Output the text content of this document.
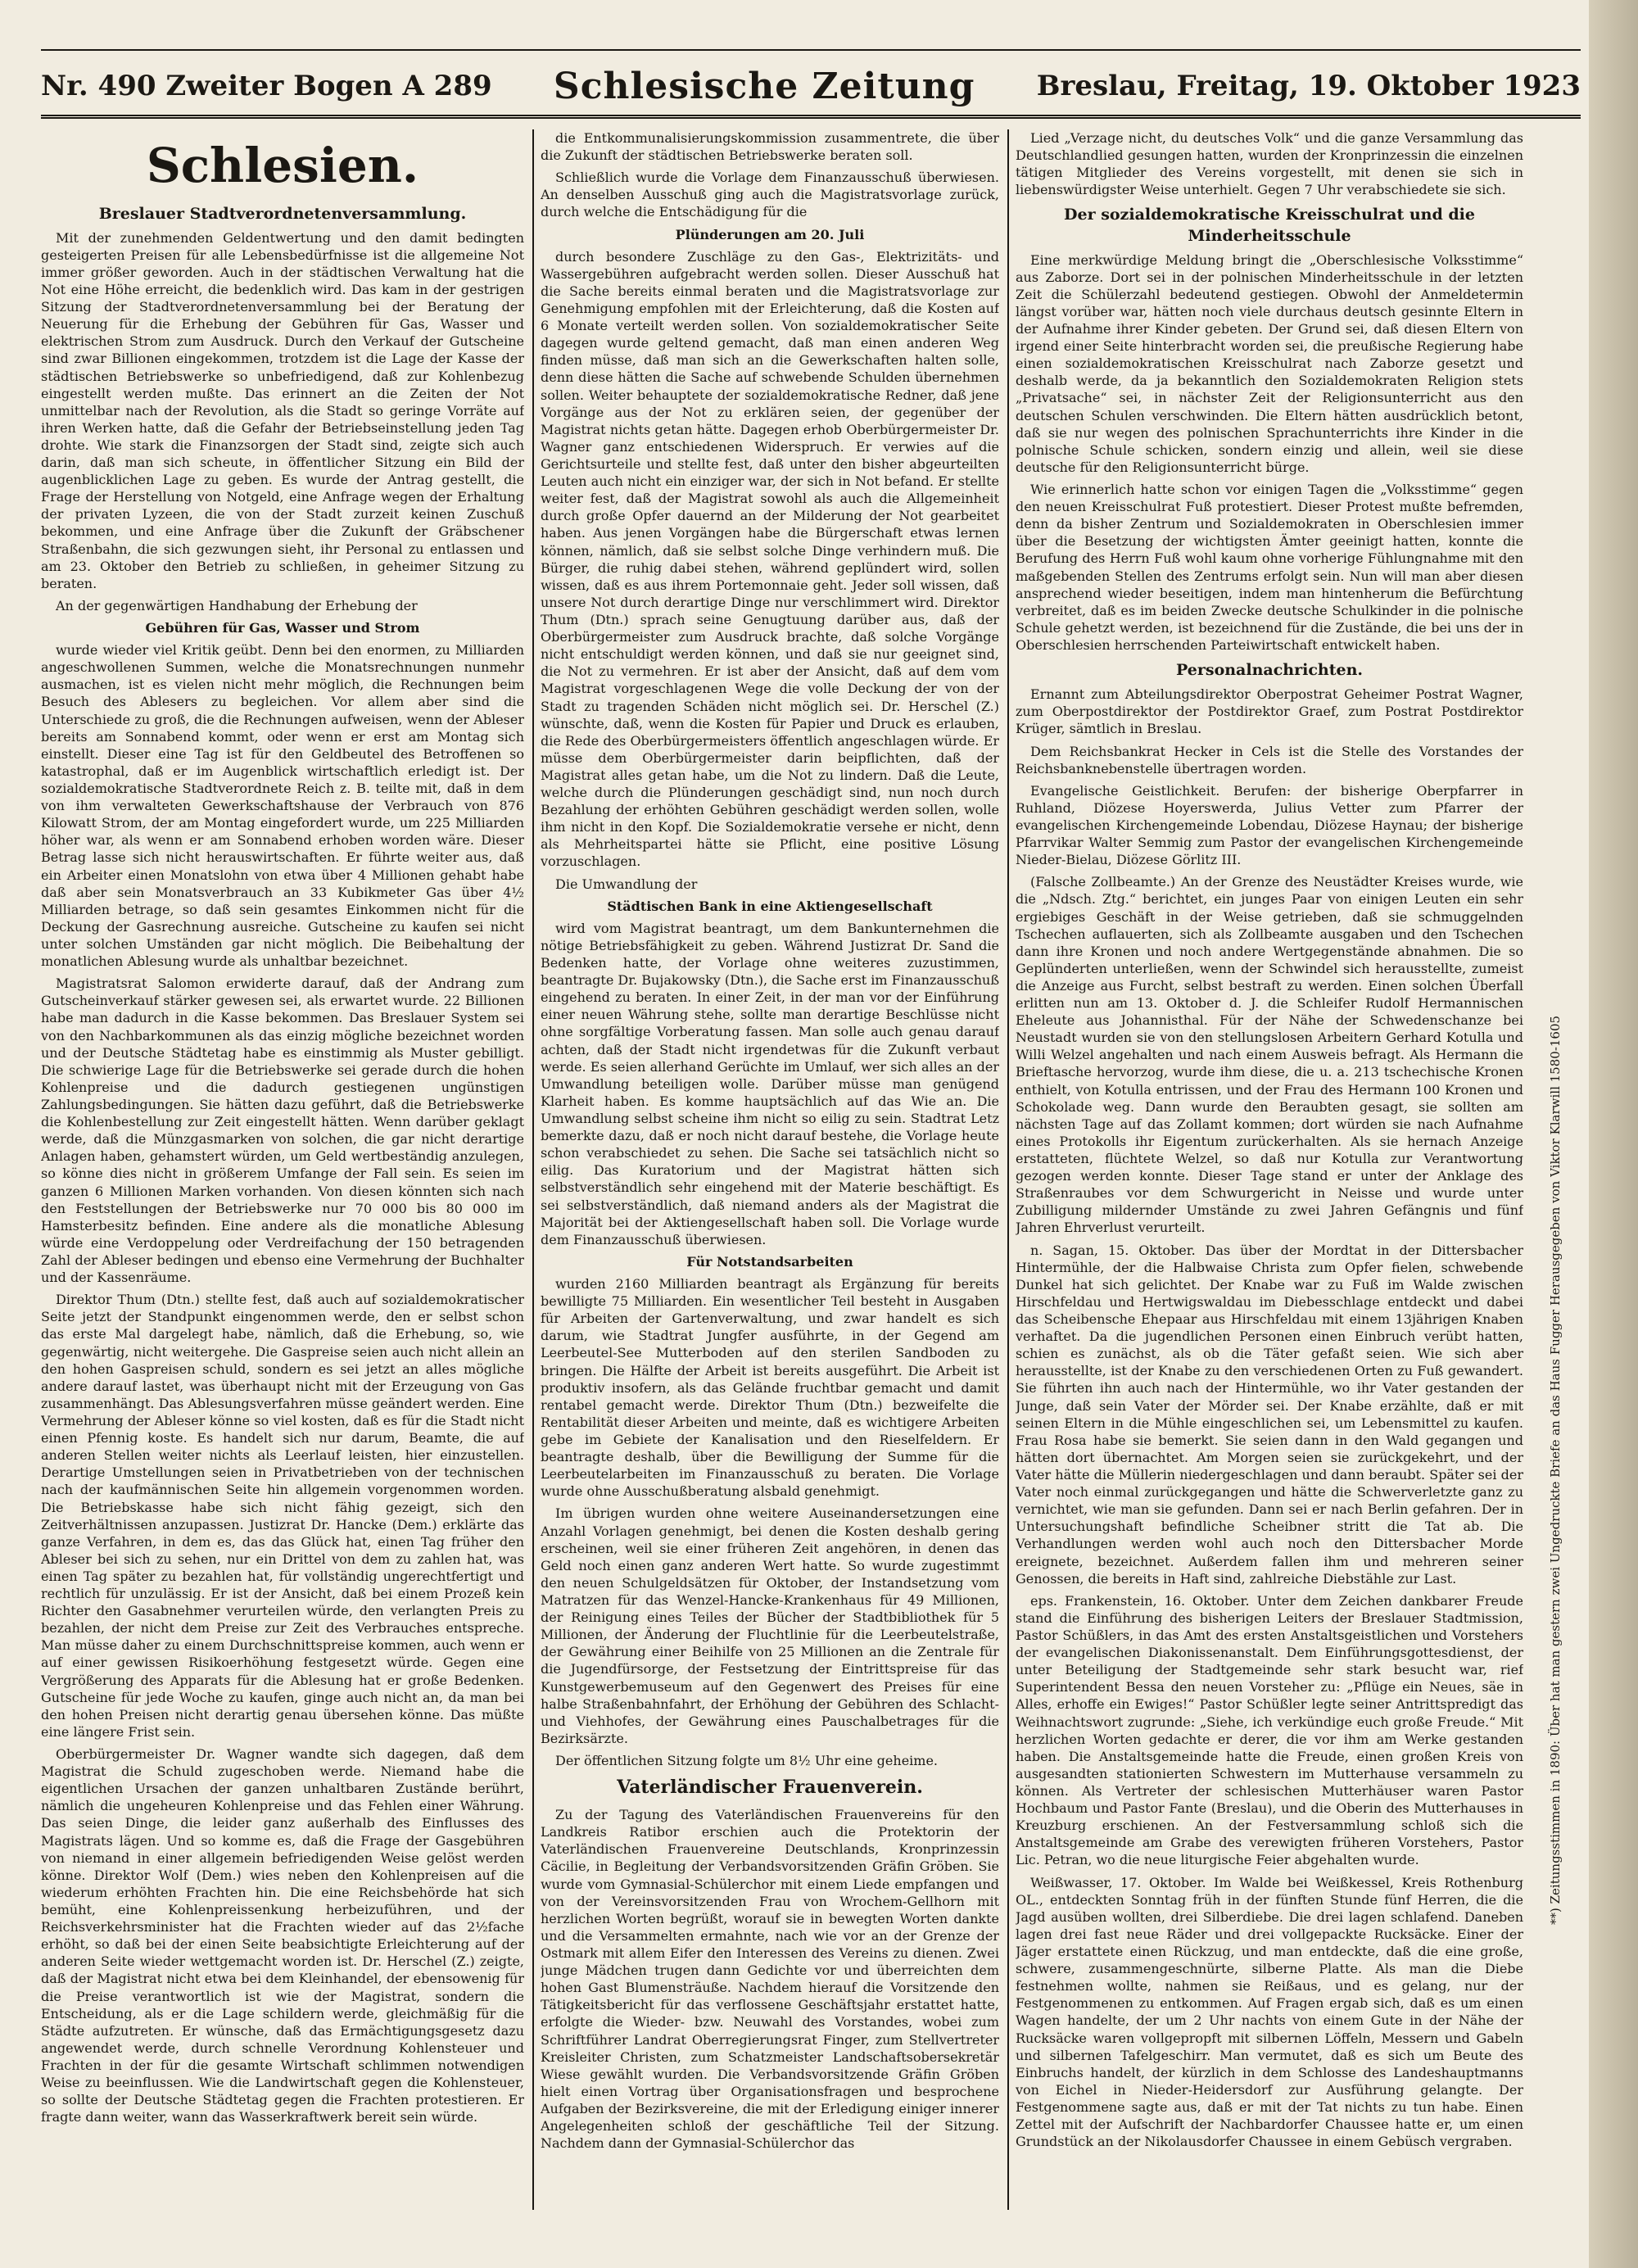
Nr. 490 Zweiter Bogen A 289 Schlesische Zeitung Breslau, Freitag, 19. Oktober 1923
Schlesien.
Breslauer Stadtverordnetenversammlung.

Mit der zunehmenden Geldentwertung und den damit bedingten gesteigerten Preisen für alle Lebensbedürfnisse ist die allgemeine Not immer größer geworden. Auch in der städtischen Verwaltung hat die Not eine Höhe erreicht, die bedenklich wird. Das kam in der gestrigen Sitzung der Stadtverordnetenversammlung bei der Beratung der Neuerung für die Erhebung der Gebühren für Gas, Wasser und elektrischen Strom zum Ausdruck. Durch den Verkauf der Gutscheine sind zwar Billionen eingekommen, trotzdem ist die Lage der Kasse der städtischen Betriebswerke so unbefriedigend, daß zur Kohlenbezug eingestellt werden mußte. Das erinnert an die Zeiten der Not unmittelbar nach der Revolution, als die Stadt so geringe Vorräte auf ihren Werken hatte, daß die Gefahr der Betriebseinstellung jeden Tag drohte. Wie stark die Finanzsorgen der Stadt sind, zeigte sich auch darin, daß man sich scheute, in öffentlicher Sitzung ein Bild der augenblicklichen Lage zu geben. Es wurde der Antrag gestellt, die Frage der Herstellung von Notgeld, eine Anfrage wegen der Erhaltung der privaten Lyzeen, die von der Stadt zurzeit keinen Zuschuß bekommen, und eine Anfrage über die Zukunft der Gräbschener Straßenbahn, die sich gezwungen sieht, ihr Personal zu entlassen und am 23. Oktober den Betrieb zu schließen, in geheimer Sitzung zu beraten.

An der gegenwärtigen Handhabung der Erhebung der

Gebühren für Gas, Wasser und Strom

wurde wieder viel Kritik geübt. Denn bei den enormen, zu Milliarden angeschwollenen Summen, welche die Monatsrechnungen nunmehr ausmachen, ist es vielen nicht mehr möglich, die Rechnungen beim Besuch des Ablesers zu begleichen. Vor allem aber sind die Unterschiede zu groß, die die Rechnungen aufweisen, wenn der Ableser bereits am Sonnabend kommt, oder wenn er erst am Montag sich einstellt. Dieser eine Tag ist für den Geldbeutel des Betroffenen so katastrophal, daß er im Augenblick wirtschaftlich erledigt ist. Der sozialdemokratische Stadtverordnete Reich z. B. teilte mit, daß in dem von ihm verwalteten Gewerkschaftshause der Verbrauch von 876 Kilowatt Strom, der am Montag eingefordert wurde, um 225 Milliarden höher war, als wenn er am Sonnabend erhoben worden wäre. Dieser Betrag lasse sich nicht herauswirtschaften. Er führte weiter aus, daß ein Arbeiter einen Monatslohn von etwa über 4 Millionen gehabt habe daß aber sein Monatsverbrauch an 33 Kubikmeter Gas über 4½ Milliarden betrage, so daß sein gesamtes Einkommen nicht für die Deckung der Gasrechnung ausreiche. Gutscheine zu kaufen sei nicht unter solchen Umständen gar nicht möglich. Die Beibehaltung der monatlichen Ablesung wurde als unhaltbar bezeichnet.

Magistratsrat Salomon erwiderte darauf, daß der Andrang zum Gutscheinverkauf stärker gewesen sei, als erwartet wurde. 22 Billionen habe man dadurch in die Kasse bekommen. Das Breslauer System sei von den Nachbarkommunen als das einzig mögliche bezeichnet worden und der Deutsche Städtetag habe es einstimmig als Muster gebilligt. Die schwierige Lage für die Betriebswerke sei gerade durch die hohen Kohlenpreise und die dadurch gestiegenen ungünstigen Zahlungsbedingungen. Sie hätten dazu geführt, daß die Betriebswerke die Kohlenbestellung zur Zeit eingestellt hätten. Wenn darüber geklagt werde, daß die Münzgasmarken von solchen, die gar nicht derartige Anlagen haben, gehamstert würden, um Geld wertbeständig anzulegen, so könne dies nicht in größerem Umfange der Fall sein. Es seien im ganzen 6 Millionen Marken vorhanden. Von diesen könnten sich nach den Feststellungen der Betriebswerke nur 70 000 bis 80 000 im Hamsterbesitz befinden. Eine andere als die monatliche Ablesung würde eine Verdoppelung oder Verdreifachung der 150 betragenden Zahl der Ableser bedingen und ebenso eine Vermehrung der Buchhalter und der Kassenräume.

Direktor Thum (Dtn.) stellte fest, daß auch auf sozialdemokratischer Seite jetzt der Standpunkt eingenommen werde, den er selbst schon das erste Mal dargelegt habe, nämlich, daß die Erhebung, so, wie gegenwärtig, nicht weitergehe. Die Gaspreise seien auch nicht allein an den hohen Gaspreisen schuld, sondern es sei jetzt an alles mögliche andere darauf lastet, was überhaupt nicht mit der Erzeugung von Gas zusammenhängt. Das Ablesungsverfahren müsse geändert werden. Eine Vermehrung der Ableser könne so viel kosten, daß es für die Stadt nicht einen Pfennig koste. Es handelt sich nur darum, Beamte, die auf anderen Stellen weiter nichts als Leerlauf leisten, hier einzustellen. Derartige Umstellungen seien in Privatbetrieben von der technischen nach der kaufmännischen Seite hin allgemein vorgenommen worden. Die Betriebskasse habe sich nicht fähig gezeigt, sich den Zeitverhältnissen anzupassen. Justizrat Dr. Hancke (Dem.) erklärte das ganze Verfahren, in dem es, das das Glück hat, einen Tag früher den Ableser bei sich zu sehen, nur ein Drittel von dem zu zahlen hat, was einen Tag später zu bezahlen hat, für vollständig ungerechtfertigt und rechtlich für unzulässig. Er ist der Ansicht, daß bei einem Prozeß kein Richter den Gasabnehmer verurteilen würde, den verlangten Preis zu bezahlen, der nicht dem Preise zur Zeit des Verbrauches entspreche. Man müsse daher zu einem Durchschnittspreise kommen, auch wenn er auf einer gewissen Risikoerhöhung festgesetzt würde. Gegen eine Vergrößerung des Apparats für die Ablesung hat er große Bedenken. Gutscheine für jede Woche zu kaufen, ginge auch nicht an, da man bei den hohen Preisen nicht derartig genau übersehen könne. Das müßte eine längere Frist sein.

Oberbürgermeister Dr. Wagner wandte sich dagegen, daß dem Magistrat die Schuld zugeschoben werde. Niemand habe die eigentlichen Ursachen der ganzen unhaltbaren Zustände berührt, nämlich die ungeheuren Kohlenpreise und das Fehlen einer Währung. Das seien Dinge, die leider ganz außerhalb des Einflusses des Magistrats lägen. Und so komme es, daß die Frage der Gasgebühren von niemand in einer allgemein befriedigenden Weise gelöst werden könne. Direktor Wolf (Dem.) wies neben den Kohlenpreisen auf die wiederum erhöhten Frachten hin. Die eine Reichsbehörde hat sich bemüht, eine Kohlenpreissenkung herbeizuführen, und der Reichsverkehrsminister hat die Frachten wieder auf das 2½fache erhöht, so daß bei der einen Seite beabsichtigte Erleichterung auf der anderen Seite wieder wettgemacht worden ist. Dr. Herschel (Z.) zeigte, daß der Magistrat nicht etwa bei dem Kleinhandel, der ebensowenig für die Preise verantwortlich ist wie der Magistrat, sondern die Entscheidung, als er die Lage schildern werde, gleichmäßig für die Städte aufzutreten. Er wünsche, daß das Ermächtigungsgesetz dazu angewendet werde, durch schnelle Verordnung Kohlensteuer und Frachten in der für die gesamte Wirtschaft schlimmen notwendigen Weise zu beeinflussen. Wie die Landwirtschaft gegen die Kohlensteuer, so sollte der Deutsche Städtetag gegen die Frachten protestieren. Er fragte dann weiter, wann das Wasserkraftwerk bereit sein würde.

die Entkommunalisierungskommission zusammentrete, die über die Zukunft der städtischen Betriebswerke beraten soll.

Schließlich wurde die Vorlage dem Finanzausschuß überwiesen. An denselben Ausschuß ging auch die Magistratsvorlage zurück, durch welche die Entschädigung für die

Plünderungen am 20. Juli

durch besondere Zuschläge zu den Gas-, Elektrizitäts- und Wassergebühren aufgebracht werden sollen. Dieser Ausschuß hat die Sache bereits einmal beraten und die Magistratsvorlage zur Genehmigung empfohlen mit der Erleichterung, daß die Kosten auf 6 Monate verteilt werden sollen. Von sozialdemokratischer Seite dagegen wurde geltend gemacht, daß man einen anderen Weg finden müsse, daß man sich an die Gewerkschaften halten solle, denn diese hätten die Sache auf schwebende Schulden übernehmen sollen. Weiter behauptete der sozialdemokratische Redner, daß jene Vorgänge aus der Not zu erklären seien, der gegenüber der Magistrat nichts getan hätte. Dagegen erhob Oberbürgermeister Dr. Wagner ganz entschiedenen Widerspruch. Er verwies auf die Gerichtsurteile und stellte fest, daß unter den bisher abgeurteilten Leuten auch nicht ein einziger war, der sich in Not befand. Er stellte weiter fest, daß der Magistrat sowohl als auch die Allgemeinheit durch große Opfer dauernd an der Milderung der Not gearbeitet haben. Aus jenen Vorgängen habe die Bürgerschaft etwas lernen können, nämlich, daß sie selbst solche Dinge verhindern muß. Die Bürger, die ruhig dabei stehen, während geplündert wird, sollen wissen, daß es aus ihrem Portemonnaie geht. Jeder soll wissen, daß unsere Not durch derartige Dinge nur verschlimmert wird. Direktor Thum (Dtn.) sprach seine Genugtuung darüber aus, daß der Oberbürgermeister zum Ausdruck brachte, daß solche Vorgänge nicht entschuldigt werden können, und daß sie nur geeignet sind, die Not zu vermehren. Er ist aber der Ansicht, daß auf dem vom Magistrat vorgeschlagenen Wege die volle Deckung der von der Stadt zu tragenden Schäden nicht möglich sei. Dr. Herschel (Z.) wünschte, daß, wenn die Kosten für Papier und Druck es erlauben, die Rede des Oberbürgermeisters öffentlich angeschlagen würde. Er müsse dem Oberbürgermeister darin beipflichten, daß der Magistrat alles getan habe, um die Not zu lindern. Daß die Leute, welche durch die Plünderungen geschädigt sind, nun noch durch Bezahlung der erhöhten Gebühren geschädigt werden sollen, wolle ihm nicht in den Kopf. Die Sozialdemokratie versehe er nicht, denn als Mehrheitspartei hätte sie Pflicht, eine positive Lösung vorzuschlagen.

Die Umwandlung der

Städtischen Bank in eine Aktiengesellschaft

wird vom Magistrat beantragt, um dem Bankunternehmen die nötige Betriebsfähigkeit zu geben. Während Justizrat Dr. Sand die Bedenken hatte, der Vorlage ohne weiteres zuzustimmen, beantragte Dr. Bujakowsky (Dtn.), die Sache erst im Finanzausschuß eingehend zu beraten. In einer Zeit, in der man vor der Einführung einer neuen Währung stehe, sollte man derartige Beschlüsse nicht ohne sorgfältige Vorberatung fassen. Man solle auch genau darauf achten, daß der Stadt nicht irgendetwas für die Zukunft verbaut werde. Es seien allerhand Gerüchte im Umlauf, wer sich alles an der Umwandlung beteiligen wolle. Darüber müsse man genügend Klarheit haben. Es komme hauptsächlich auf das Wie an. Die Umwandlung selbst scheine ihm nicht so eilig zu sein. Stadtrat Letz bemerkte dazu, daß er noch nicht darauf bestehe, die Vorlage heute schon verabschiedet zu sehen. Die Sache sei tatsächlich nicht so eilig. Das Kuratorium und der Magistrat hätten sich selbstverständlich sehr eingehend mit der Materie beschäftigt. Es sei selbstverständlich, daß niemand anders als der Magistrat die Majorität bei der Aktiengesellschaft haben soll. Die Vorlage wurde dem Finanzausschuß überwiesen.

Für Notstandsarbeiten

wurden 2160 Milliarden beantragt als Ergänzung für bereits bewilligte 75 Milliarden. Ein wesentlicher Teil besteht in Ausgaben für Arbeiten der Gartenverwaltung, und zwar handelt es sich darum, wie Stadtrat Jungfer ausführte, in der Gegend am Leerbeutel-See Mutterboden auf den sterilen Sandboden zu bringen. Die Hälfte der Arbeit ist bereits ausgeführt. Die Arbeit ist produktiv insofern, als das Gelände fruchtbar gemacht und damit rentabel gemacht werde. Direktor Thum (Dtn.) bezweifelte die Rentabilität dieser Arbeiten und meinte, daß es wichtigere Arbeiten gebe im Gebiete der Kanalisation und den Rieselfeldern. Er beantragte deshalb, über die Bewilligung der Summe für die Leerbeutelarbeiten im Finanzausschuß zu beraten. Die Vorlage wurde ohne Ausschußberatung alsbald genehmigt.

Im übrigen wurden ohne weitere Auseinandersetzungen eine Anzahl Vorlagen genehmigt, bei denen die Kosten deshalb gering erscheinen, weil sie einer früheren Zeit angehören, in denen das Geld noch einen ganz anderen Wert hatte. So wurde zugestimmt den neuen Schulgeldsätzen für Oktober, der Instandsetzung vom Matratzen für das Wenzel-Hancke-Krankenhaus für 49 Millionen, der Reinigung eines Teiles der Bücher der Stadtbibliothek für 5 Millionen, der Änderung der Fluchtlinie für die Leerbeutelstraße, der Gewährung einer Beihilfe von 25 Millionen an die Zentrale für die Jugendfürsorge, der Festsetzung der Eintrittspreise für das Kunstgewerbemuseum auf den Gegenwert des Preises für eine halbe Straßenbahnfahrt, der Erhöhung der Gebühren des Schlacht- und Viehhofes, der Gewährung eines Pauschalbetrages für die Bezirksärzte.

Der öffentlichen Sitzung folgte um 8½ Uhr eine geheime.

Vaterländischer Frauenverein.

Zu der Tagung des Vaterländischen Frauenvereins für den Landkreis Ratibor erschien auch die Protektorin der Vaterländischen Frauenvereine Deutschlands, Kronprinzessin Cäcilie, in Begleitung der Verbandsvorsitzenden Gräfin Gröben. Sie wurde vom Gymnasial-Schülerchor mit einem Liede empfangen und von der Vereinsvorsitzenden Frau von Wrochem-Gellhorn mit herzlichen Worten begrüßt, worauf sie in bewegten Worten dankte und die Versammelten ermahnte, nach wie vor an der Grenze der Ostmark mit allem Eifer den Interessen des Vereins zu dienen. Zwei junge Mädchen trugen dann Gedichte vor und überreichten dem hohen Gast Blumensträuße. Nachdem hierauf die Vorsitzende den Tätigkeitsbericht für das verflossene Geschäftsjahr erstattet hatte, erfolgte die Wieder- bzw. Neuwahl des Vorstandes, wobei zum Schriftführer Landrat Oberregierungsrat Finger, zum Stellvertreter Kreisleiter Christen, zum Schatzmeister Landschaftsobersekretär Wiese gewählt wurden. Die Verbandsvorsitzende Gräfin Gröben hielt einen Vortrag über Organisationsfragen und besprochene Aufgaben der Bezirksvereine, die mit der Erledigung einiger innerer Angelegenheiten schloß der geschäftliche Teil der Sitzung. Nachdem dann der Gymnasial-Schülerchor das

Lied „Verzage nicht, du deutsches Volk“ und die ganze Versammlung das Deutschlandlied gesungen hatten, wurden der Kronprinzessin die einzelnen tätigen Mitglieder des Vereins vorgestellt, mit denen sie sich in liebenswürdigster Weise unterhielt. Gegen 7 Uhr verabschiedete sie sich.

Der sozialdemokratische Kreisschulrat und die Minderheitsschule

Eine merkwürdige Meldung bringt die „Oberschlesische Volksstimme“ aus Zaborze. Dort sei in der polnischen Minderheitsschule in der letzten Zeit die Schülerzahl bedeutend gestiegen. Obwohl der Anmeldetermin längst vorüber war, hätten noch viele durchaus deutsch gesinnte Eltern in der Aufnahme ihrer Kinder gebeten. Der Grund sei, daß diesen Eltern von irgend einer Seite hinterbracht worden sei, die preußische Regierung habe einen sozialdemokratischen Kreisschulrat nach Zaborze gesetzt und deshalb werde, da ja bekanntlich den Sozialdemokraten Religion stets „Privatsache“ sei, in nächster Zeit der Religionsunterricht aus den deutschen Schulen verschwinden. Die Eltern hätten ausdrücklich betont, daß sie nur wegen des polnischen Sprachunterrichts ihre Kinder in die polnische Schule schicken, sondern einzig und allein, weil sie diese deutsche für den Religionsunterricht bürge.

Wie erinnerlich hatte schon vor einigen Tagen die „Volksstimme“ gegen den neuen Kreisschulrat Fuß protestiert. Dieser Protest mußte befremden, denn da bisher Zentrum und Sozialdemokraten in Oberschlesien immer über die Besetzung der wichtigsten Ämter geeinigt hatten, konnte die Berufung des Herrn Fuß wohl kaum ohne vorherige Fühlungnahme mit den maßgebenden Stellen des Zentrums erfolgt sein. Nun will man aber diesen ansprechend wieder beseitigen, indem man hintenherum die Befürchtung verbreitet, daß es im beiden Zwecke deutsche Schulkinder in die polnische Schule gehetzt werden, ist bezeichnend für die Zustände, die bei uns der in Oberschlesien herrschenden Parteiwirtschaft entwickelt haben.

Personalnachrichten.

Ernannt zum Abteilungsdirektor Oberpostrat Geheimer Postrat Wagner, zum Oberpostdirektor der Postdirektor Graef, zum Postrat Postdirektor Krüger, sämtlich in Breslau.

Dem Reichsbankrat Hecker in Cels ist die Stelle des Vorstandes der Reichsbanknebenstelle übertragen worden.

Evangelische Geistlichkeit. Berufen: der bisherige Oberpfarrer in Ruhland, Diözese Hoyerswerda, Julius Vetter zum Pfarrer der evangelischen Kirchengemeinde Lobendau, Diözese Haynau; der bisherige Pfarrvikar Walter Semmig zum Pastor der evangelischen Kirchengemeinde Nieder-Bielau, Diözese Görlitz III.

(Falsche Zollbeamte.) An der Grenze des Neustädter Kreises wurde, wie die „Ndsch. Ztg.“ berichtet, ein junges Paar von einigen Leuten ein sehr ergiebiges Geschäft in der Weise getrieben, daß sie schmuggelnden Tschechen auflauerten, sich als Zollbeamte ausgaben und den Tschechen dann ihre Kronen und noch andere Wertgegenstände abnahmen. Die so Geplünderten unterließen, wenn der Schwindel sich herausstellte, zumeist die Anzeige aus Furcht, selbst bestraft zu werden. Einen solchen Überfall erlitten nun am 13. Oktober d. J. die Schleifer Rudolf Hermannischen Eheleute aus Johannisthal. Für der Nähe der Schwedenschanze bei Neustadt wurden sie von den stellungslosen Arbeitern Gerhard Kotulla und Willi Welzel angehalten und nach einem Ausweis befragt. Als Hermann die Brieftasche hervorzog, wurde ihm diese, die u. a. 213 tschechische Kronen enthielt, von Kotulla entrissen, und der Frau des Hermann 100 Kronen und Schokolade weg. Dann wurde den Beraubten gesagt, sie sollten am nächsten Tage auf das Zollamt kommen; dort würden sie nach Aufnahme eines Protokolls ihr Eigentum zurückerhalten. Als sie hernach Anzeige erstatteten, flüchtete Welzel, so daß nur Kotulla zur Verantwortung gezogen werden konnte. Dieser Tage stand er unter der Anklage des Straßenraubes vor dem Schwurgericht in Neisse und wurde unter Zubilligung mildernder Umstände zu zwei Jahren Gefängnis und fünf Jahren Ehrverlust verurteilt.

n. Sagan, 15. Oktober. Das über der Mordtat in der Dittersbacher Hintermühle, der die Halbwaise Christa zum Opfer fielen, schwebende Dunkel hat sich gelichtet. Der Knabe war zu Fuß im Walde zwischen Hirschfeldau und Hertwigswaldau im Diebesschlage entdeckt und dabei das Scheibensche Ehepaar aus Hirschfeldau mit einem 13jährigen Knaben verhaftet. Da die jugendlichen Personen einen Einbruch verübt hatten, schien es zunächst, als ob die Täter gefaßt seien. Wie sich aber herausstellte, ist der Knabe zu den verschiedenen Orten zu Fuß gewandert. Sie führten ihn auch nach der Hintermühle, wo ihr Vater gestanden der Junge, daß sein Vater der Mörder sei. Der Knabe erzählte, daß er mit seinen Eltern in die Mühle eingeschlichen sei, um Lebensmittel zu kaufen. Frau Rosa habe sie bemerkt. Sie seien dann in den Wald gegangen und hätten dort übernachtet. Am Morgen seien sie zurückgekehrt, und der Vater hätte die Müllerin niedergeschlagen und dann beraubt. Später sei der Vater noch einmal zurückgegangen und hätte die Schwerverletzte ganz zu vernichtet, wie man sie gefunden. Dann sei er nach Berlin gefahren. Der in Untersuchungshaft befindliche Scheibner stritt die Tat ab. Die Verhandlungen werden wohl auch noch den Dittersbacher Morde ereignete, bezeichnet. Außerdem fallen ihm und mehreren seiner Genossen, die bereits in Haft sind, zahlreiche Diebstähle zur Last.

eps. Frankenstein, 16. Oktober. Unter dem Zeichen dankbarer Freude stand die Einführung des bisherigen Leiters der Breslauer Stadtmission, Pastor Schüßlers, in das Amt des ersten Anstaltsgeistlichen und Vorstehers der evangelischen Diakonissenanstalt. Dem Einführungsgottesdienst, der unter Beteiligung der Stadtgemeinde sehr stark besucht war, rief Superintendent Bessa den neuen Vorsteher zu: „Pflüge ein Neues, säe in Alles, erhoffe ein Ewiges!“ Pastor Schüßler legte seiner Antrittspredigt das Weihnachtswort zugrunde: „Siehe, ich verkündige euch große Freude.“ Mit herzlichen Worten gedachte er derer, die vor ihm am Werke gestanden haben. Die Anstaltsgemeinde hatte die Freude, einen großen Kreis von ausgesandten stationierten Schwestern im Mutterhause versammeln zu können. Als Vertreter der schlesischen Mutterhäuser waren Pastor Hochbaum und Pastor Fante (Breslau), und die Oberin des Mutterhauses in Kreuzburg erschienen. An der Festversammlung schloß sich die Anstaltsgemeinde am Grabe des verewigten früheren Vorstehers, Pastor Lic. Petran, wo die neue liturgische Feier abgehalten wurde.

Weißwasser, 17. Oktober. Im Walde bei Weißkessel, Kreis Rothenburg OL., entdeckten Sonntag früh in der fünften Stunde fünf Herren, die die Jagd ausüben wollten, drei Silberdiebe. Die drei lagen schlafend. Daneben lagen drei fast neue Räder und drei vollgepackte Rucksäcke. Einer der Jäger erstattete einen Rückzug, und man entdeckte, daß die eine große, schwere, zusammengeschnürte, silberne Platte. Als man die Diebe festnehmen wollte, nahmen sie Reißaus, und es gelang, nur der Festgenommenen zu entkommen. Auf Fragen ergab sich, daß es um einen Wagen handelte, der um 2 Uhr nachts von einem Gute in der Nähe der Rucksäcke waren vollgepropft mit silbernen Löffeln, Messern und Gabeln und silbernen Tafelgeschirr. Man vermutet, daß es sich um Beute des Einbruchs handelt, der kürzlich in dem Schlosse des Landeshauptmanns von Eichel in Nieder-Heidersdorf zur Ausführung gelangte. Der Festgenommene sagte aus, daß er mit der Tat nichts zu tun habe. Einen Zettel mit der Aufschrift der Nachbardorfer Chaussee hatte er, um einen Grundstück an der Nikolausdorfer Chaussee in einem Gebüsch vergraben.

**) Zeitungsstimmen in 1890: Über hat man gestern zwei Ungedruckte Briefe an das Haus Fugger Herausgegeben von Viktor Klarwill 1580-1605
